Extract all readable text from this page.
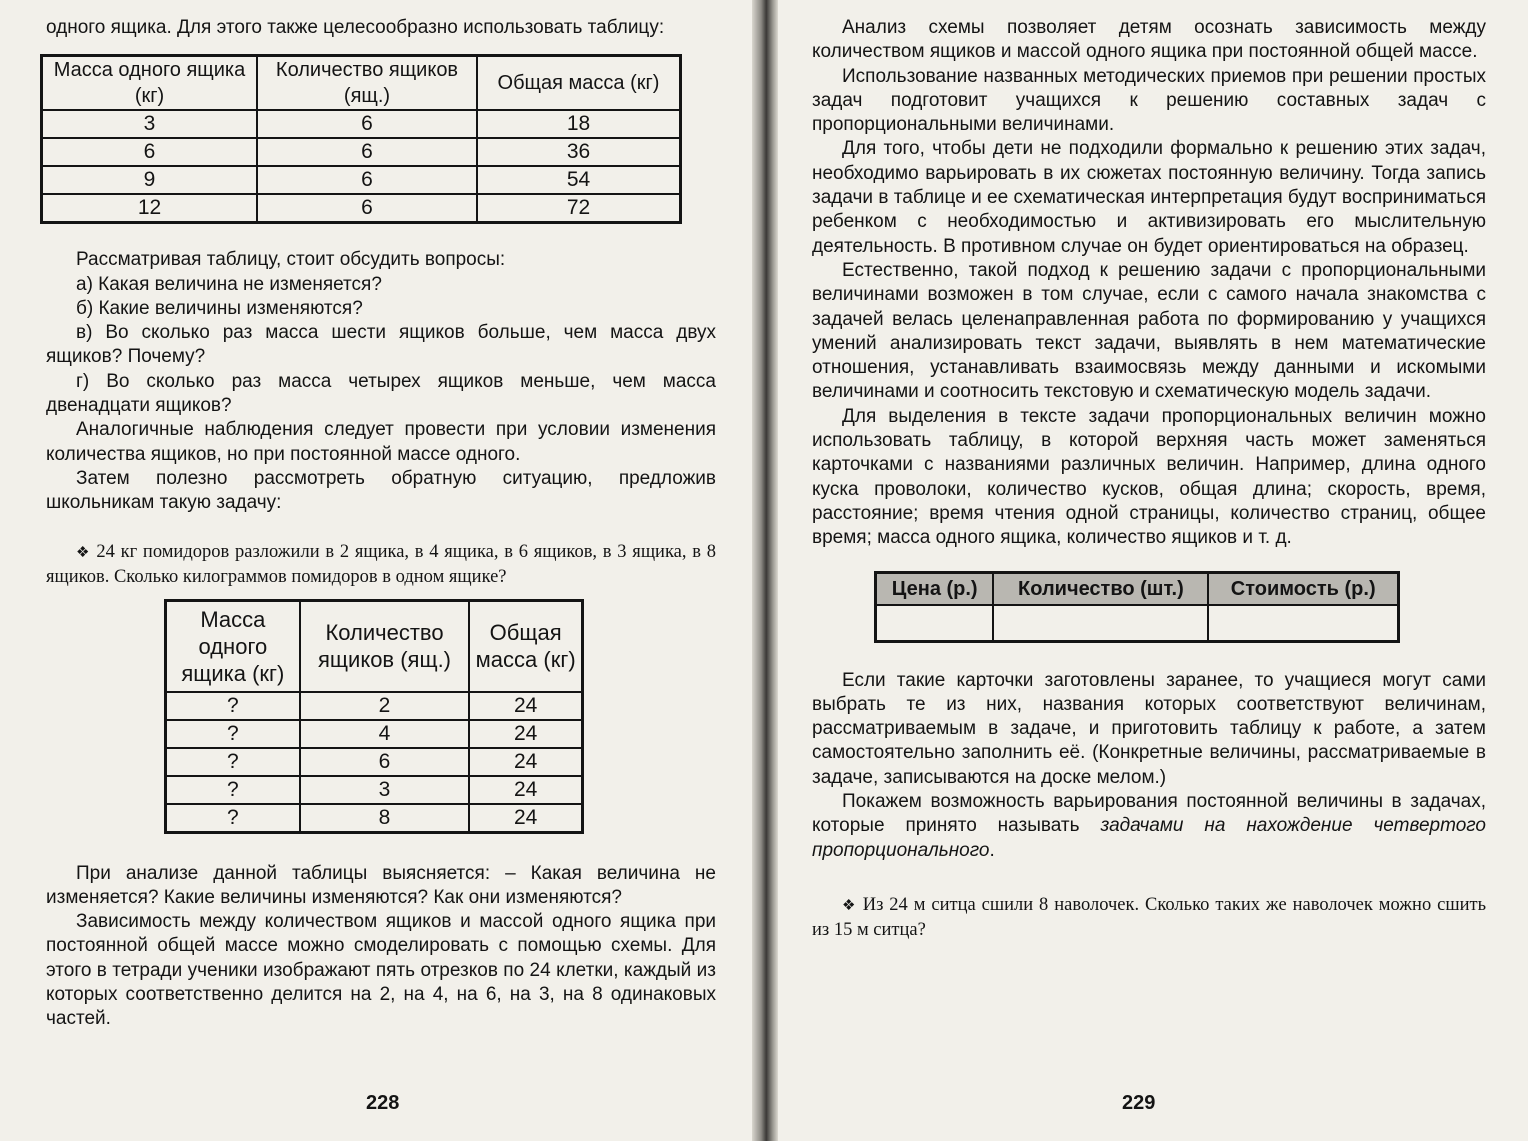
одного ящика. Для этого также целесообразно использовать таблицу:

Масса одного ящика (кг)	Количество ящиков (ящ.)	Общая масса (кг)
3	6	18
6	6	36
9	6	54
12	6	72

Рассматривая таблицу, стоит обсудить вопросы:

а) Какая величина не изменяется?

б) Какие величины изменяются?

в) Во сколько раз масса шести ящиков больше, чем масса двух ящиков? Почему?

г) Во сколько раз масса четырех ящиков меньше, чем масса двенадцати ящиков?

Аналогичные наблюдения следует провести при условии изменения количества ящиков, но при постоянной массе одного.

Затем полезно рассмотреть обратную ситуацию, предложив школьникам такую задачу:

❖ 24 кг помидоров разложили в 2 ящика, в 4 ящика, в 6 ящиков, в 3 ящика, в 8 ящиков. Сколько килограммов помидоров в одном ящике?

Масса одного ящика (кг)	Количество ящиков (ящ.)	Общая масса (кг)
?	2	24
?	4	24
?	6	24
?	3	24
?	8	24

При анализе данной таблицы выясняется: – Какая величина не изменяется? Какие величины изменяются? Как они изменяются?

Зависимость между количеством ящиков и массой одного ящика при постоянной общей массе можно смоделировать с помощью схемы. Для этого в тетради ученики изображают пять отрезков по 24 клетки, каждый из которых соответственно делится на 2, на 4, на 6, на 3, на 8 одинаковых частей.

228

Анализ схемы позволяет детям осознать зависимость между количеством ящиков и массой одного ящика при постоянной общей массе.

Использование названных методических приемов при решении простых задач подготовит учащихся к решению составных задач с пропорциональными величинами.

Для того, чтобы дети не подходили формально к решению этих задач, необходимо варьировать в их сюжетах постоянную величину. Тогда запись задачи в таблице и ее схематическая интерпретация будут восприниматься ребенком с необходимостью и активизировать его мыслительную деятельность. В противном случае он будет ориентироваться на образец.

Естественно, такой подход к решению задачи с пропорциональными величинами возможен в том случае, если с самого начала знакомства с задачей велась целенаправленная работа по формированию у учащихся умений анализировать текст задачи, выявлять в нем математические отношения, устанавливать взаимосвязь между данными и искомыми величинами и соотносить текстовую и схематическую модель задачи.

Для выделения в тексте задачи пропорциональных величин можно использовать таблицу, в которой верхняя часть может заменяться карточками с названиями различных величин. Например, длина одного куска проволоки, количество кусков, общая длина; скорость, время, расстояние; время чтения одной страницы, количество страниц, общее время; масса одного ящика, количество ящиков и т. д.

Цена (р.)	Количество (шт.)	Стоимость (р.)

Если такие карточки заготовлены заранее, то учащиеся могут сами выбрать те из них, названия которых соответствуют величинам, рассматриваемым в задаче, и приготовить таблицу к работе, а затем самостоятельно заполнить её. (Конкретные величины, рассматриваемые в задаче, записываются на доске мелом.)

Покажем возможность варьирования постоянной величины в задачах, которые принято называть задачами на нахождение четвертого пропорционального.

❖ Из 24 м ситца сшили 8 наволочек. Сколько таких же наволочек можно сшить из 15 м ситца?

229
